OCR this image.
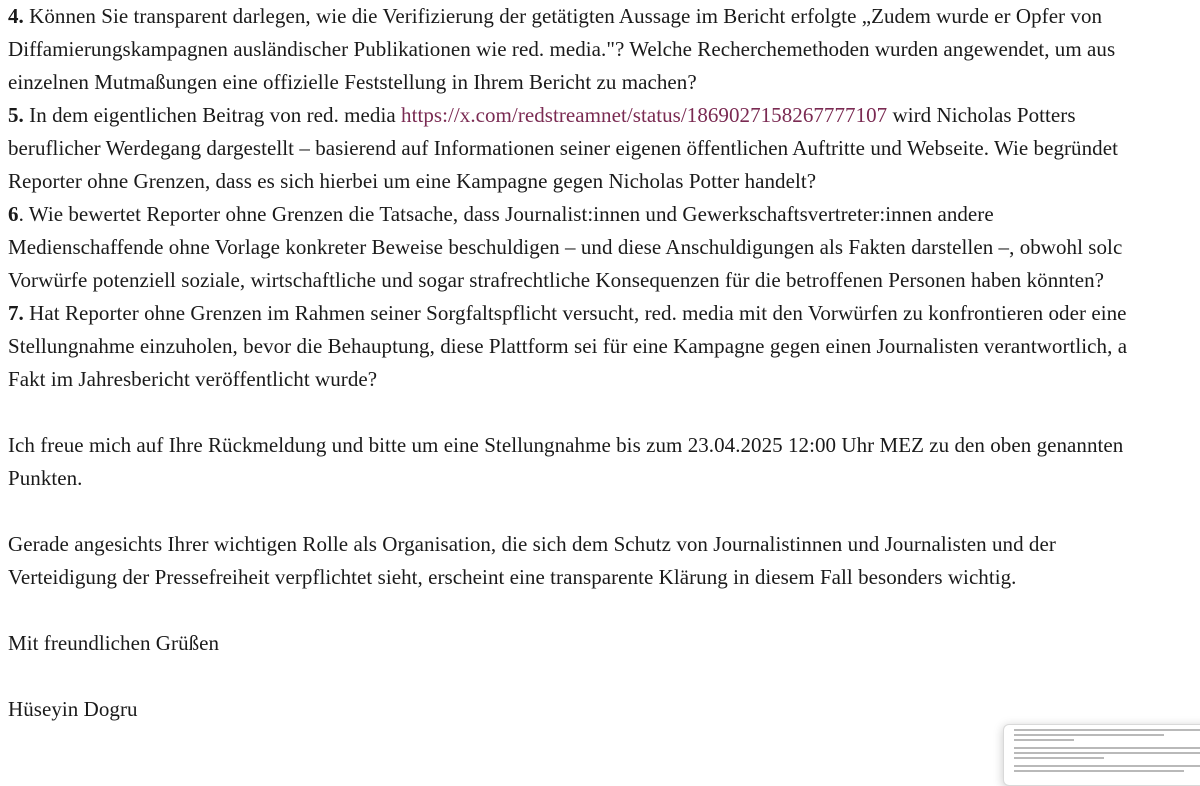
4. Können Sie transparent darlegen, wie die Verifizierung der getätigten Aussage im Bericht erfolgte „Zudem wurde er Opfer von
Diffamierungskampagnen ausländischer Publikationen wie red. media."? Welche Recherchemethoden wurden angewendet, um aus
einzelnen Mutmaßungen eine offizielle Feststellung in Ihrem Bericht zu machen?
5. In dem eigentlichen Beitrag von red. media https://x.com/redstreamnet/status/1869027158267777107 wird Nicholas Potters
beruflicher Werdegang dargestellt – basierend auf Informationen seiner eigenen öffentlichen Auftritte und Webseite. Wie begründet
Reporter ohne Grenzen, dass es sich hierbei um eine Kampagne gegen Nicholas Potter handelt?
6. Wie bewertet Reporter ohne Grenzen die Tatsache, dass Journalist:innen und Gewerkschaftsvertreter:innen andere
Medienschaffende ohne Vorlage konkreter Beweise beschuldigen – und diese Anschuldigungen als Fakten darstellen –, obwohl solc
Vorwürfe potenziell soziale, wirtschaftliche und sogar strafrechtliche Konsequenzen für die betroffenen Personen haben könnten?
7. Hat Reporter ohne Grenzen im Rahmen seiner Sorgfaltspflicht versucht, red. media mit den Vorwürfen zu konfrontieren oder eine
Stellungnahme einzuholen, bevor die Behauptung, diese Plattform sei für eine Kampagne gegen einen Journalisten verantwortlich, a
Fakt im Jahresbericht veröffentlicht wurde?
Ich freue mich auf Ihre Rückmeldung und bitte um eine Stellungnahme bis zum 23.04.2025 12:00 Uhr MEZ zu den oben genannten
Punkten.
Gerade angesichts Ihrer wichtigen Rolle als Organisation, die sich dem Schutz von Journalistinnen und Journalisten und der
Verteidigung der Pressefreiheit verpflichtet sieht, erscheint eine transparente Klärung in diesem Fall besonders wichtig.
Mit freundlichen Grüßen
Hüseyin Dogru
